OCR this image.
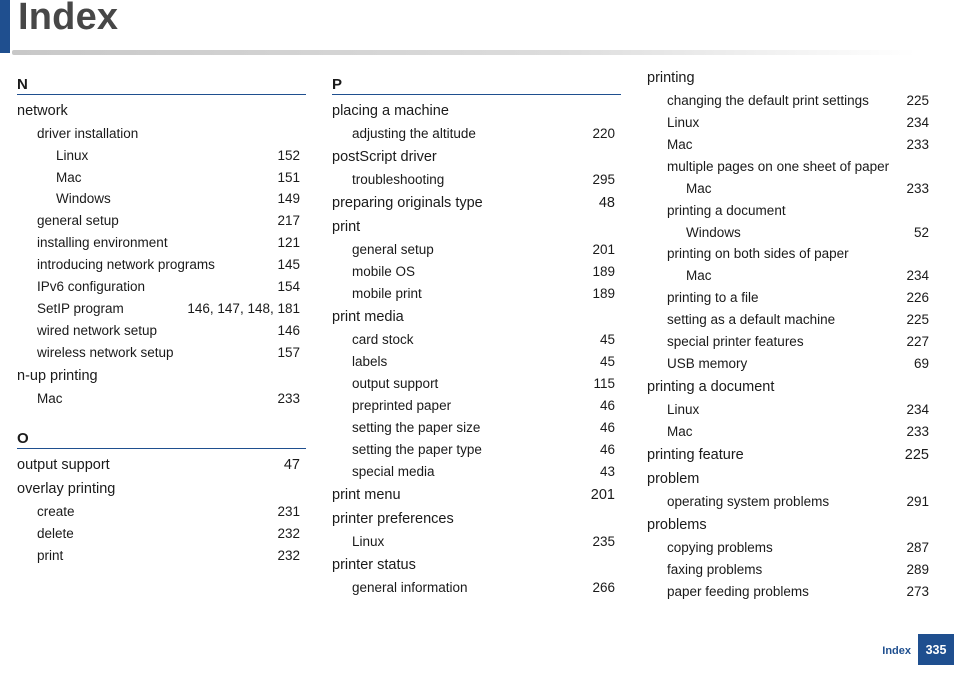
Index
N
network
driver installation
Linux	152
Mac	151
Windows	149
general setup	217
installing environment	121
introducing network programs	145
IPv6 configuration	154
SetIP program	146, 147, 148, 181
wired network setup	146
wireless network setup	157
n-up printing
Mac	233
O
output support	47
overlay printing
create	231
delete	232
print	232
P
placing a machine
adjusting the altitude	220
postScript driver
troubleshooting	295
preparing originals type	48
print
general setup	201
mobile OS	189
mobile print	189
print media
card stock	45
labels	45
output support	115
preprinted paper	46
setting the paper size	46
setting the paper type	46
special media	43
print menu	201
printer preferences
Linux	235
printer status
general information	266
printing
changing the default print settings	225
Linux	234
Mac	233
multiple pages on one sheet of paper
Mac	233
printing a document
Windows	52
printing on both sides of paper
Mac	234
printing to a file	226
setting as a default machine	225
special printer features	227
USB memory	69
printing a document
Linux	234
Mac	233
printing feature	225
problem
operating system problems	291
problems
copying problems	287
faxing problems	289
paper feeding problems	273
Index	335
